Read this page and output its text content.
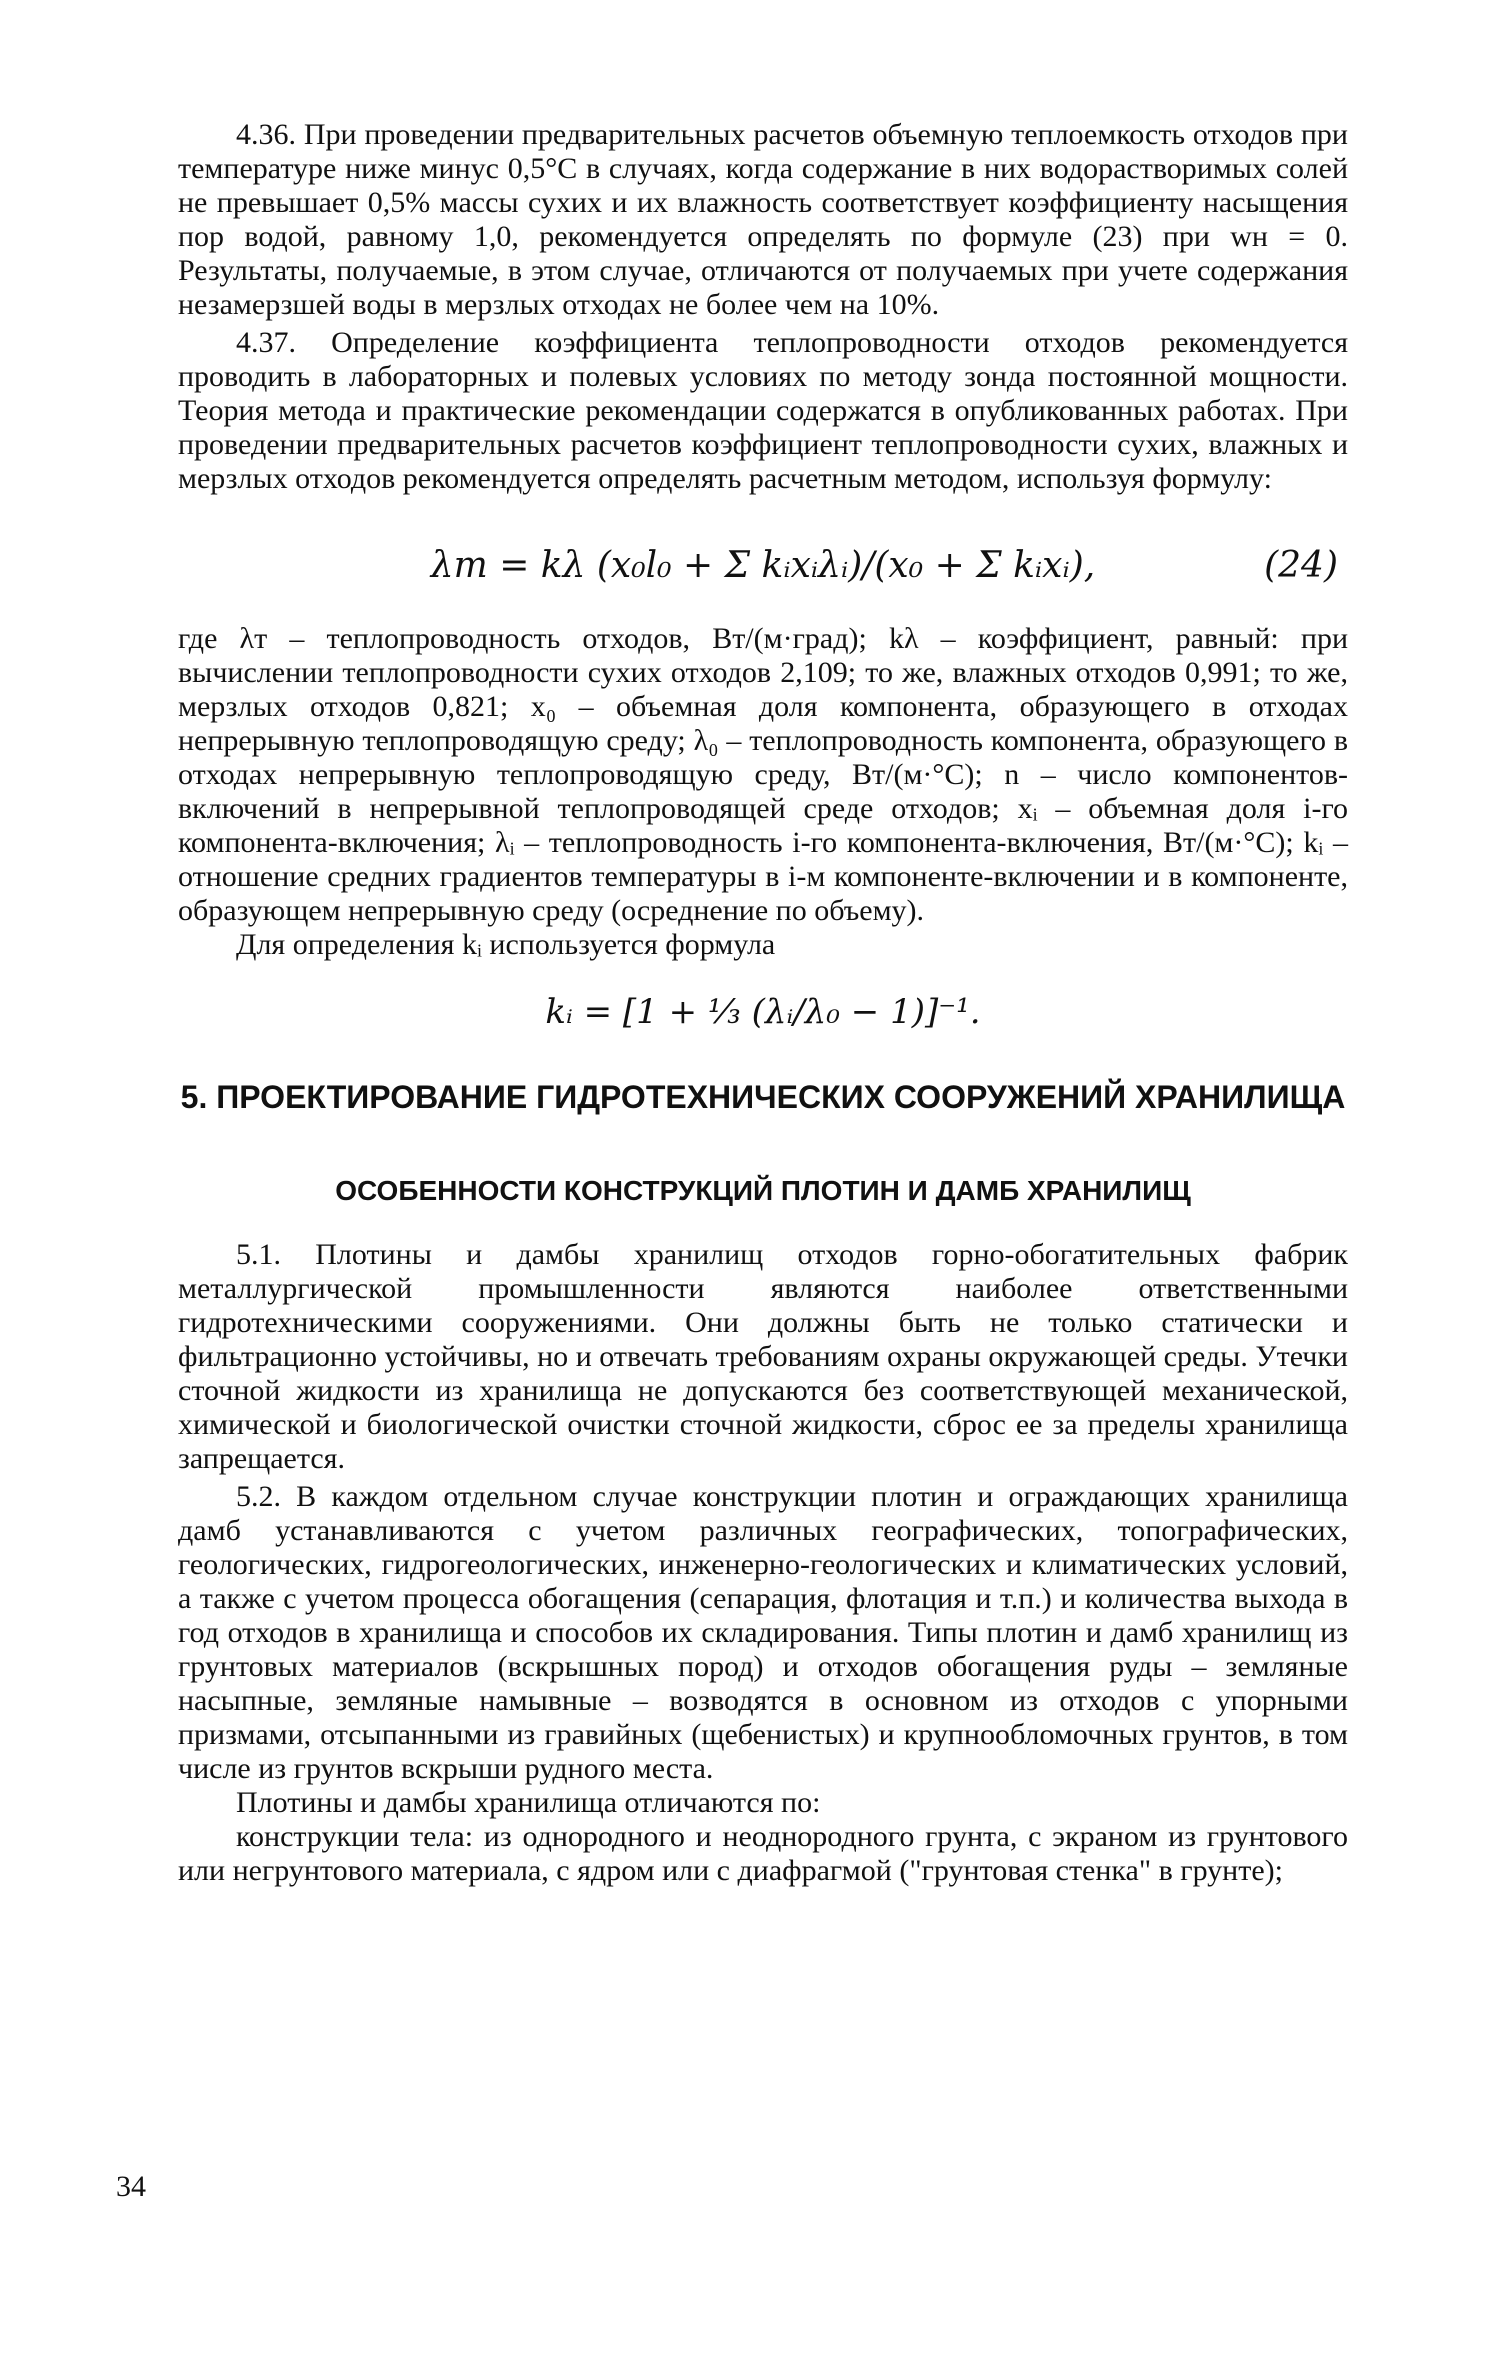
4.36. При проведении предварительных расчетов объемную теплоемкость отходов при температуре ниже минус 0,5°С в случаях, когда содержание в них водорастворимых солей не превышает 0,5% массы сухих и их влажность соответствует коэффициенту насыщения пор водой, равному 1,0, рекомендуется определять по формуле (23) при wн = 0. Результаты, получаемые, в этом случае, отличаются от получаемых при учете содержания незамерзшей воды в мерзлых отходах не более чем на 10%.

4.37. Определение коэффициента теплопроводности отходов рекомендуется проводить в лабораторных и полевых условиях по методу зонда постоянной мощности. Теория метода и практические рекомендации содержатся в опубликованных работах. При проведении предварительных расчетов коэффициент теплопроводности сухих, влажных и мерзлых отходов рекомендуется определять расчетным методом, используя формулу:

λт = kλ (x₀l₀ + Σ kᵢxᵢλᵢ)/(x₀ + Σ kᵢxᵢ),	(24)

где λт – теплопроводность отходов, Вт/(м·град); kλ – коэффициент, равный: при вычислении теплопроводности сухих отходов 2,109; то же, влажных отходов 0,991; то же, мерзлых отходов 0,821; x₀ – объемная доля компонента, образующего в отходах непрерывную теплопроводящую среду; λ₀ – теплопроводность компонента, образующего в отходах непрерывную теплопроводящую среду, Вт/(м·°С); n – число компонентов-включений в непрерывной теплопроводящей среде отходов; xᵢ – объемная доля i-го компонента-включения; λᵢ – теплопроводность i-го компонента-включения, Вт/(м·°С); kᵢ – отношение средних градиентов температуры в i-м компоненте-включении и в компоненте, образующем непрерывную среду (осреднение по объему).

Для определения kᵢ используется формула

kᵢ = [1 + ⅓ (λᵢ/λ₀ − 1)]⁻¹.
5. ПРОЕКТИРОВАНИЕ ГИДРОТЕХНИЧЕСКИХ СООРУЖЕНИЙ ХРАНИЛИЩА
ОСОБЕННОСТИ КОНСТРУКЦИЙ ПЛОТИН И ДАМБ ХРАНИЛИЩ

5.1. Плотины и дамбы хранилищ отходов горно-обогатительных фабрик металлургической промышленности являются наиболее ответственными гидротехническими сооружениями. Они должны быть не только статически и фильтрационно устойчивы, но и отвечать требованиям охраны окружающей среды. Утечки сточной жидкости из хранилища не допускаются без соответствующей механической, химической и биологической очистки сточной жидкости, сброс ее за пределы хранилища запрещается.

5.2. В каждом отдельном случае конструкции плотин и ограждающих хранилища дамб устанавливаются с учетом различных географических, топографических, геологических, гидрогеологических, инженерно-геологических и климатических условий, а также с учетом процесса обогащения (сепарация, флотация и т.п.) и количества выхода в год отходов в хранилища и способов их складирования. Типы плотин и дамб хранилищ из грунтовых материалов (вскрышных пород) и отходов обогащения руды – земляные насыпные, земляные намывные – возводятся в основном из отходов с упорными призмами, отсыпанными из гравийных (щебенистых) и крупнообломочных грунтов, в том числе из грунтов вскрыши рудного места.

Плотины и дамбы хранилища отличаются по:

конструкции тела: из однородного и неоднородного грунта, с экраном из грунтового или негрунтового материала, с ядром или с диафрагмой ("грунтовая стенка" в грунте);

34
